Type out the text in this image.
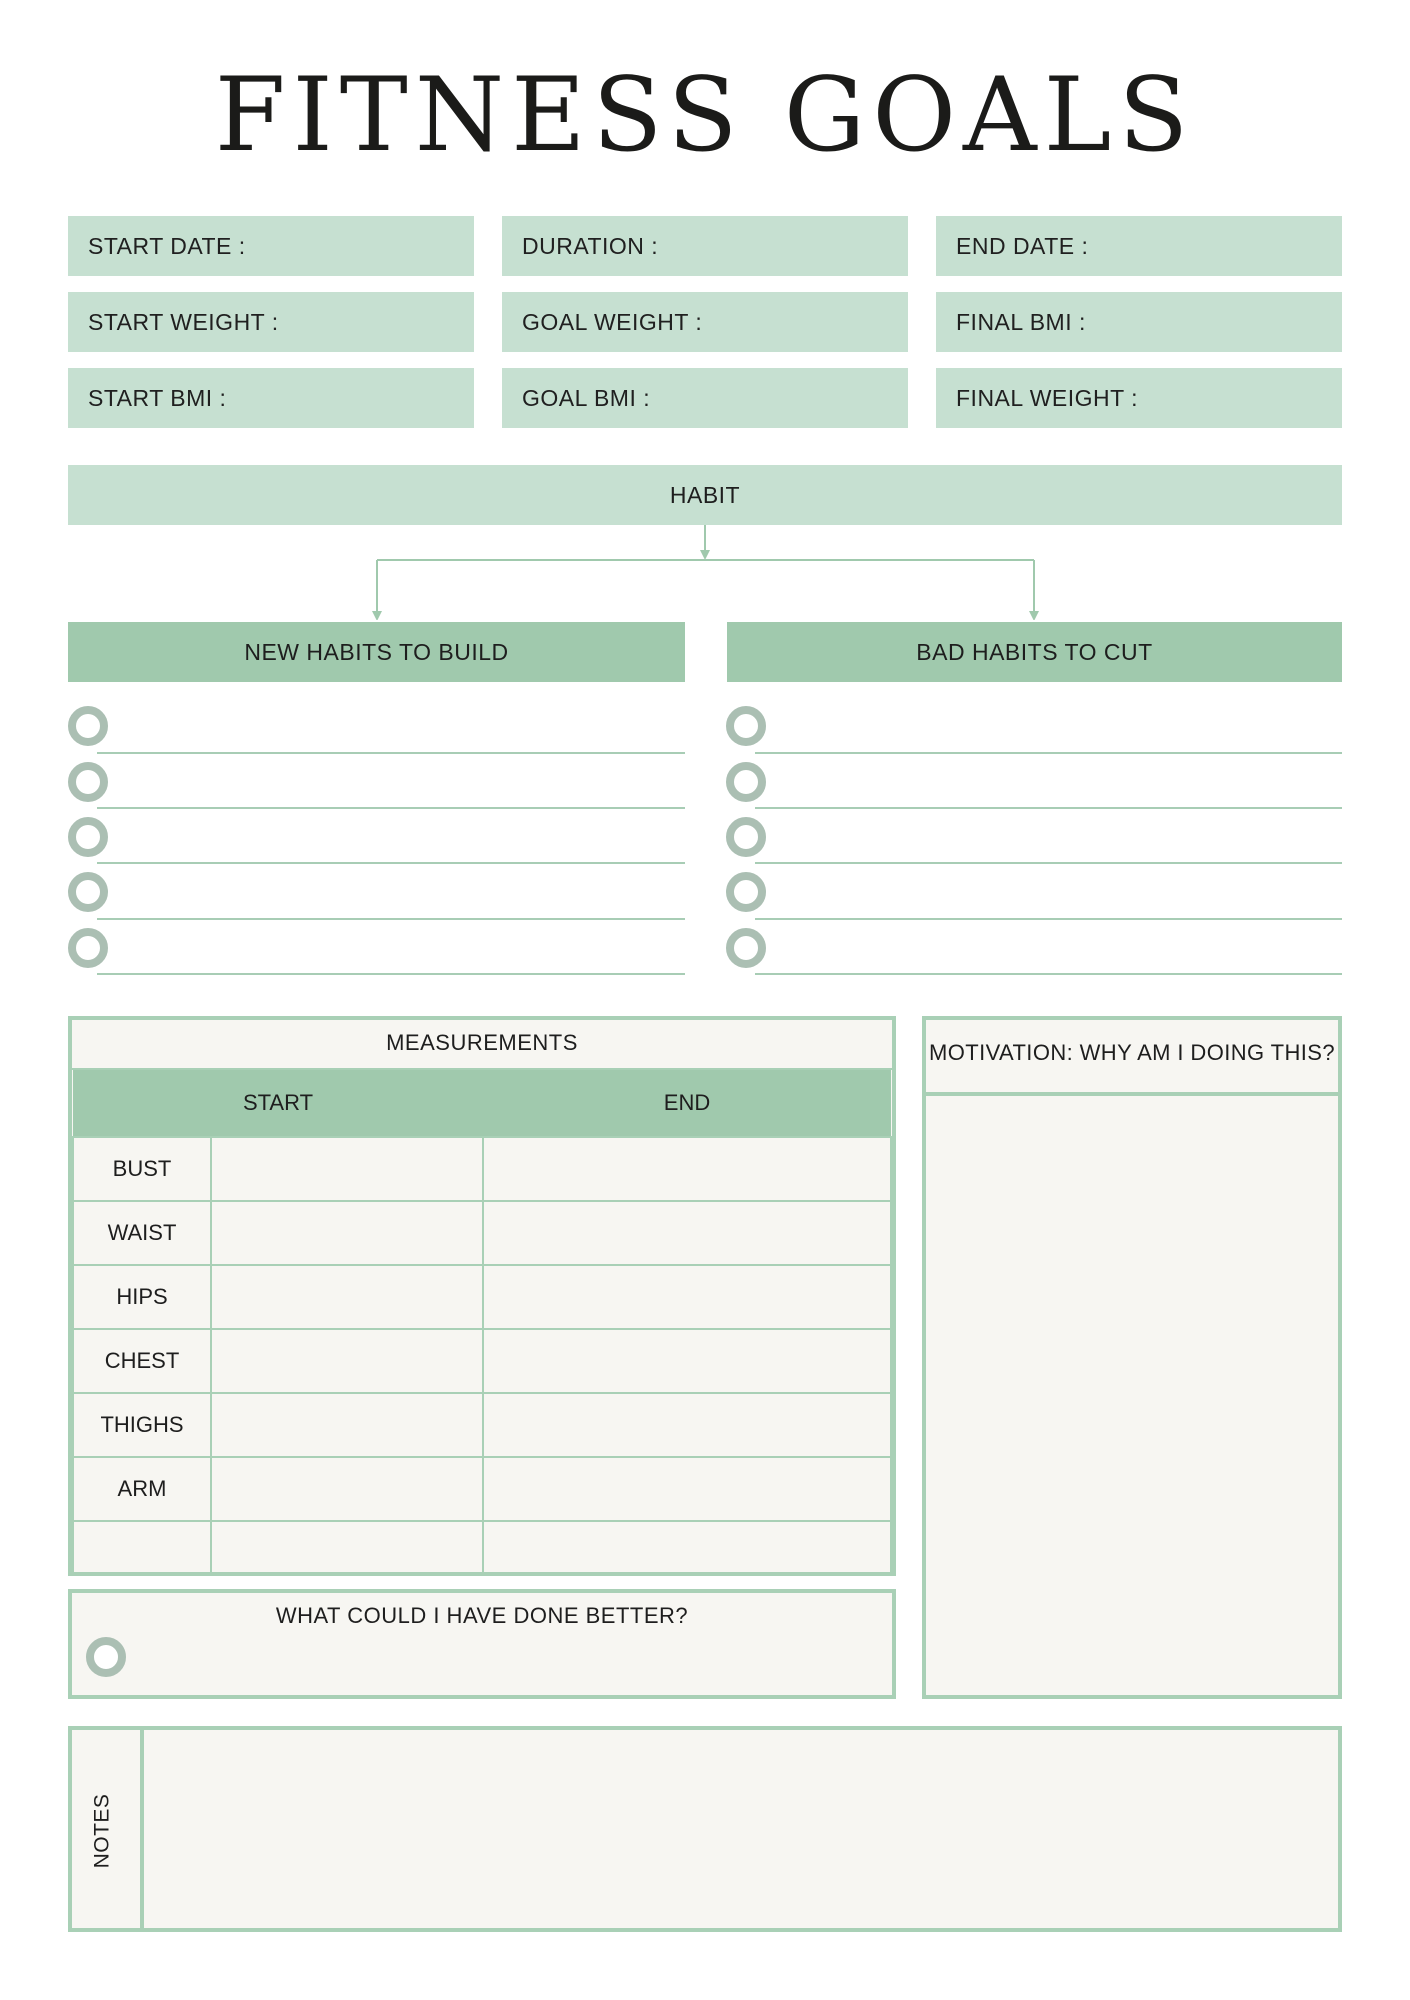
FITNESS GOALS
START DATE :	DURATION :	END DATE :
START WEIGHT :	GOAL WEIGHT :	FINAL BMI :
START BMI :	GOAL BMI :	FINAL WEIGHT :
HABIT
NEW HABITS TO BUILD	BAD HABITS TO CUT
MEASUREMENTS
START		END
BUST		
WAIST		
HIPS		
CHEST		
THIGHS		
ARM		

WHAT COULD I HAVE DONE BETTER?
MOTIVATION: WHY AM I DOING THIS?
NOTES
